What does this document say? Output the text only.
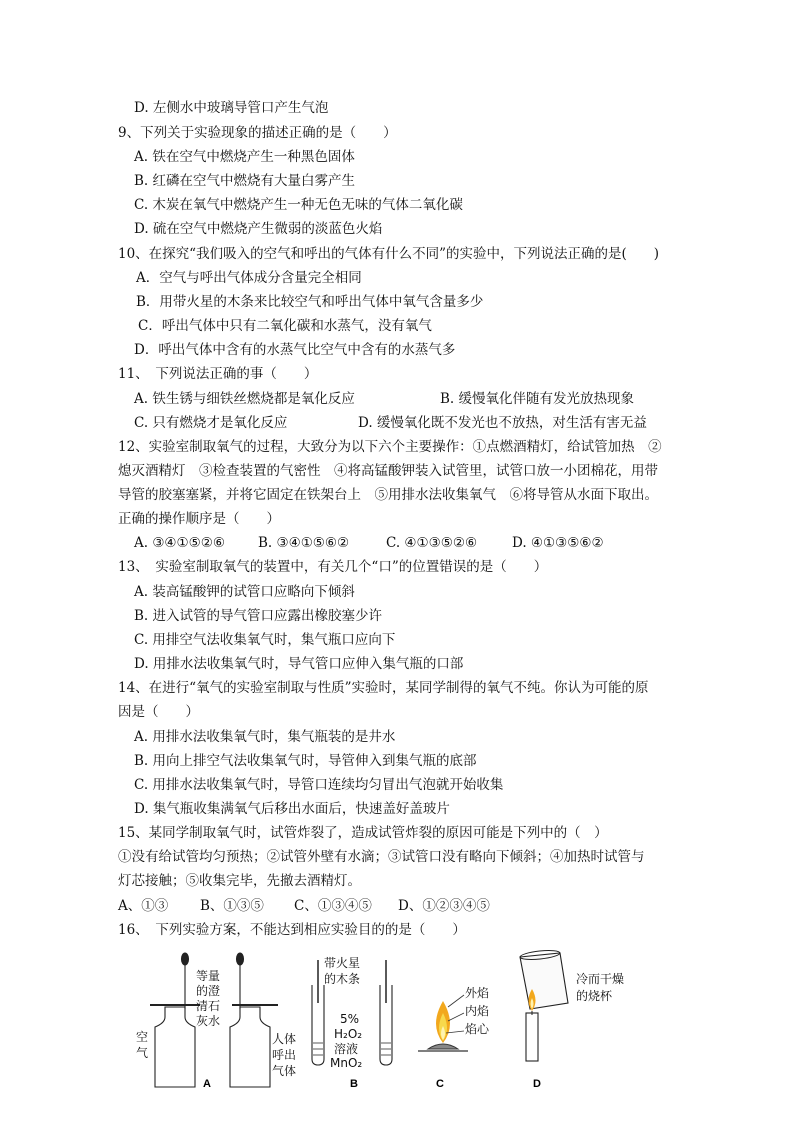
D. 左侧水中玻璃导管口产生气泡
9、下列关于实验现象的描述正确的是（　　）
A. 铁在空气中燃烧产生一种黑色固体
B. 红磷在空气中燃烧有大量白雾产生
C. 木炭在氧气中燃烧产生一种无色无味的气体二氧化碳
D. 硫在空气中燃烧产生微弱的淡蓝色火焰
10、在探究“我们吸入的空气和呼出的气体有什么不同”的实验中，下列说法正确的是(　　)
A．空气与呼出气体成分含量完全相同
B．用带火星的木条来比较空气和呼出气体中氧气含量多少
C．呼出气体中只有二氧化碳和水蒸气，没有氧气
D．呼出气体中含有的水蒸气比空气中含有的水蒸气多
11、　下列说法正确的事（　　）
A. 铁生锈与细铁丝燃烧都是氧化反应	B. 缓慢氧化伴随有发光放热现象
C. 只有燃烧才是氧化反应	D. 缓慢氧化既不发光也不放热，对生活有害无益
12、实验室制取氧气的过程，大致分为以下六个主要操作：①点燃酒精灯，给试管加热　②
熄灭酒精灯　③检查装置的气密性　④将高锰酸钾装入试管里，试管口放一小团棉花，用带
导管的胶塞塞紧，并将它固定在铁架台上　⑤用排水法收集氧气　⑥将导管从水面下取出。
正确的操作顺序是（　　）
A. ③④①⑤②⑥ B. ③④①⑤⑥②	C. ④①③⑤②⑥	D. ④①③⑤⑥②
13、　实验室制取氧气的装置中，有关几个“口”的位置错误的是（　　）
A. 装高锰酸钾的试管口应略向下倾斜
B. 进入试管的导气管口应露出橡胶塞少许
C. 用排空气法收集氧气时，集气瓶口应向下
D. 用排水法收集氧气时，导气管口应伸入集气瓶的口部
14、在进行“氧气的实验室制取与性质”实验时，某同学制得的氧气不纯。你认为可能的原
因是（　　）
A. 用排水法收集氧气时，集气瓶装的是井水
B. 用向上排空气法收集氧气时，导管伸入到集气瓶的底部
C. 用排水法收集氧气时，导管口连续均匀冒出气泡就开始收集
D. 集气瓶收集满氧气后移出水面后，快速盖好盖玻片
15、某同学制取氧气时，试管炸裂了，造成试管炸裂的原因可能是下列中的（　）
①没有给试管均匀预热；②试管外壁有水滴；③试管口没有略向下倾斜；④加热时试管与
灯芯接触；⑤收集完毕，先撤去酒精灯。
A、①③ B、①③⑤ C、①③④⑤ D、①②③④⑤
16、　下列实验方案，不能达到相应实验目的的是（　　）
等量
的澄
清石
灰水
空
气
人体
呼出
气体
A
带火星
的木条
5%
H₂O₂
溶液
MnO₂
B
外焰
内焰
焰心
C
冷而干燥
的烧杯
D
